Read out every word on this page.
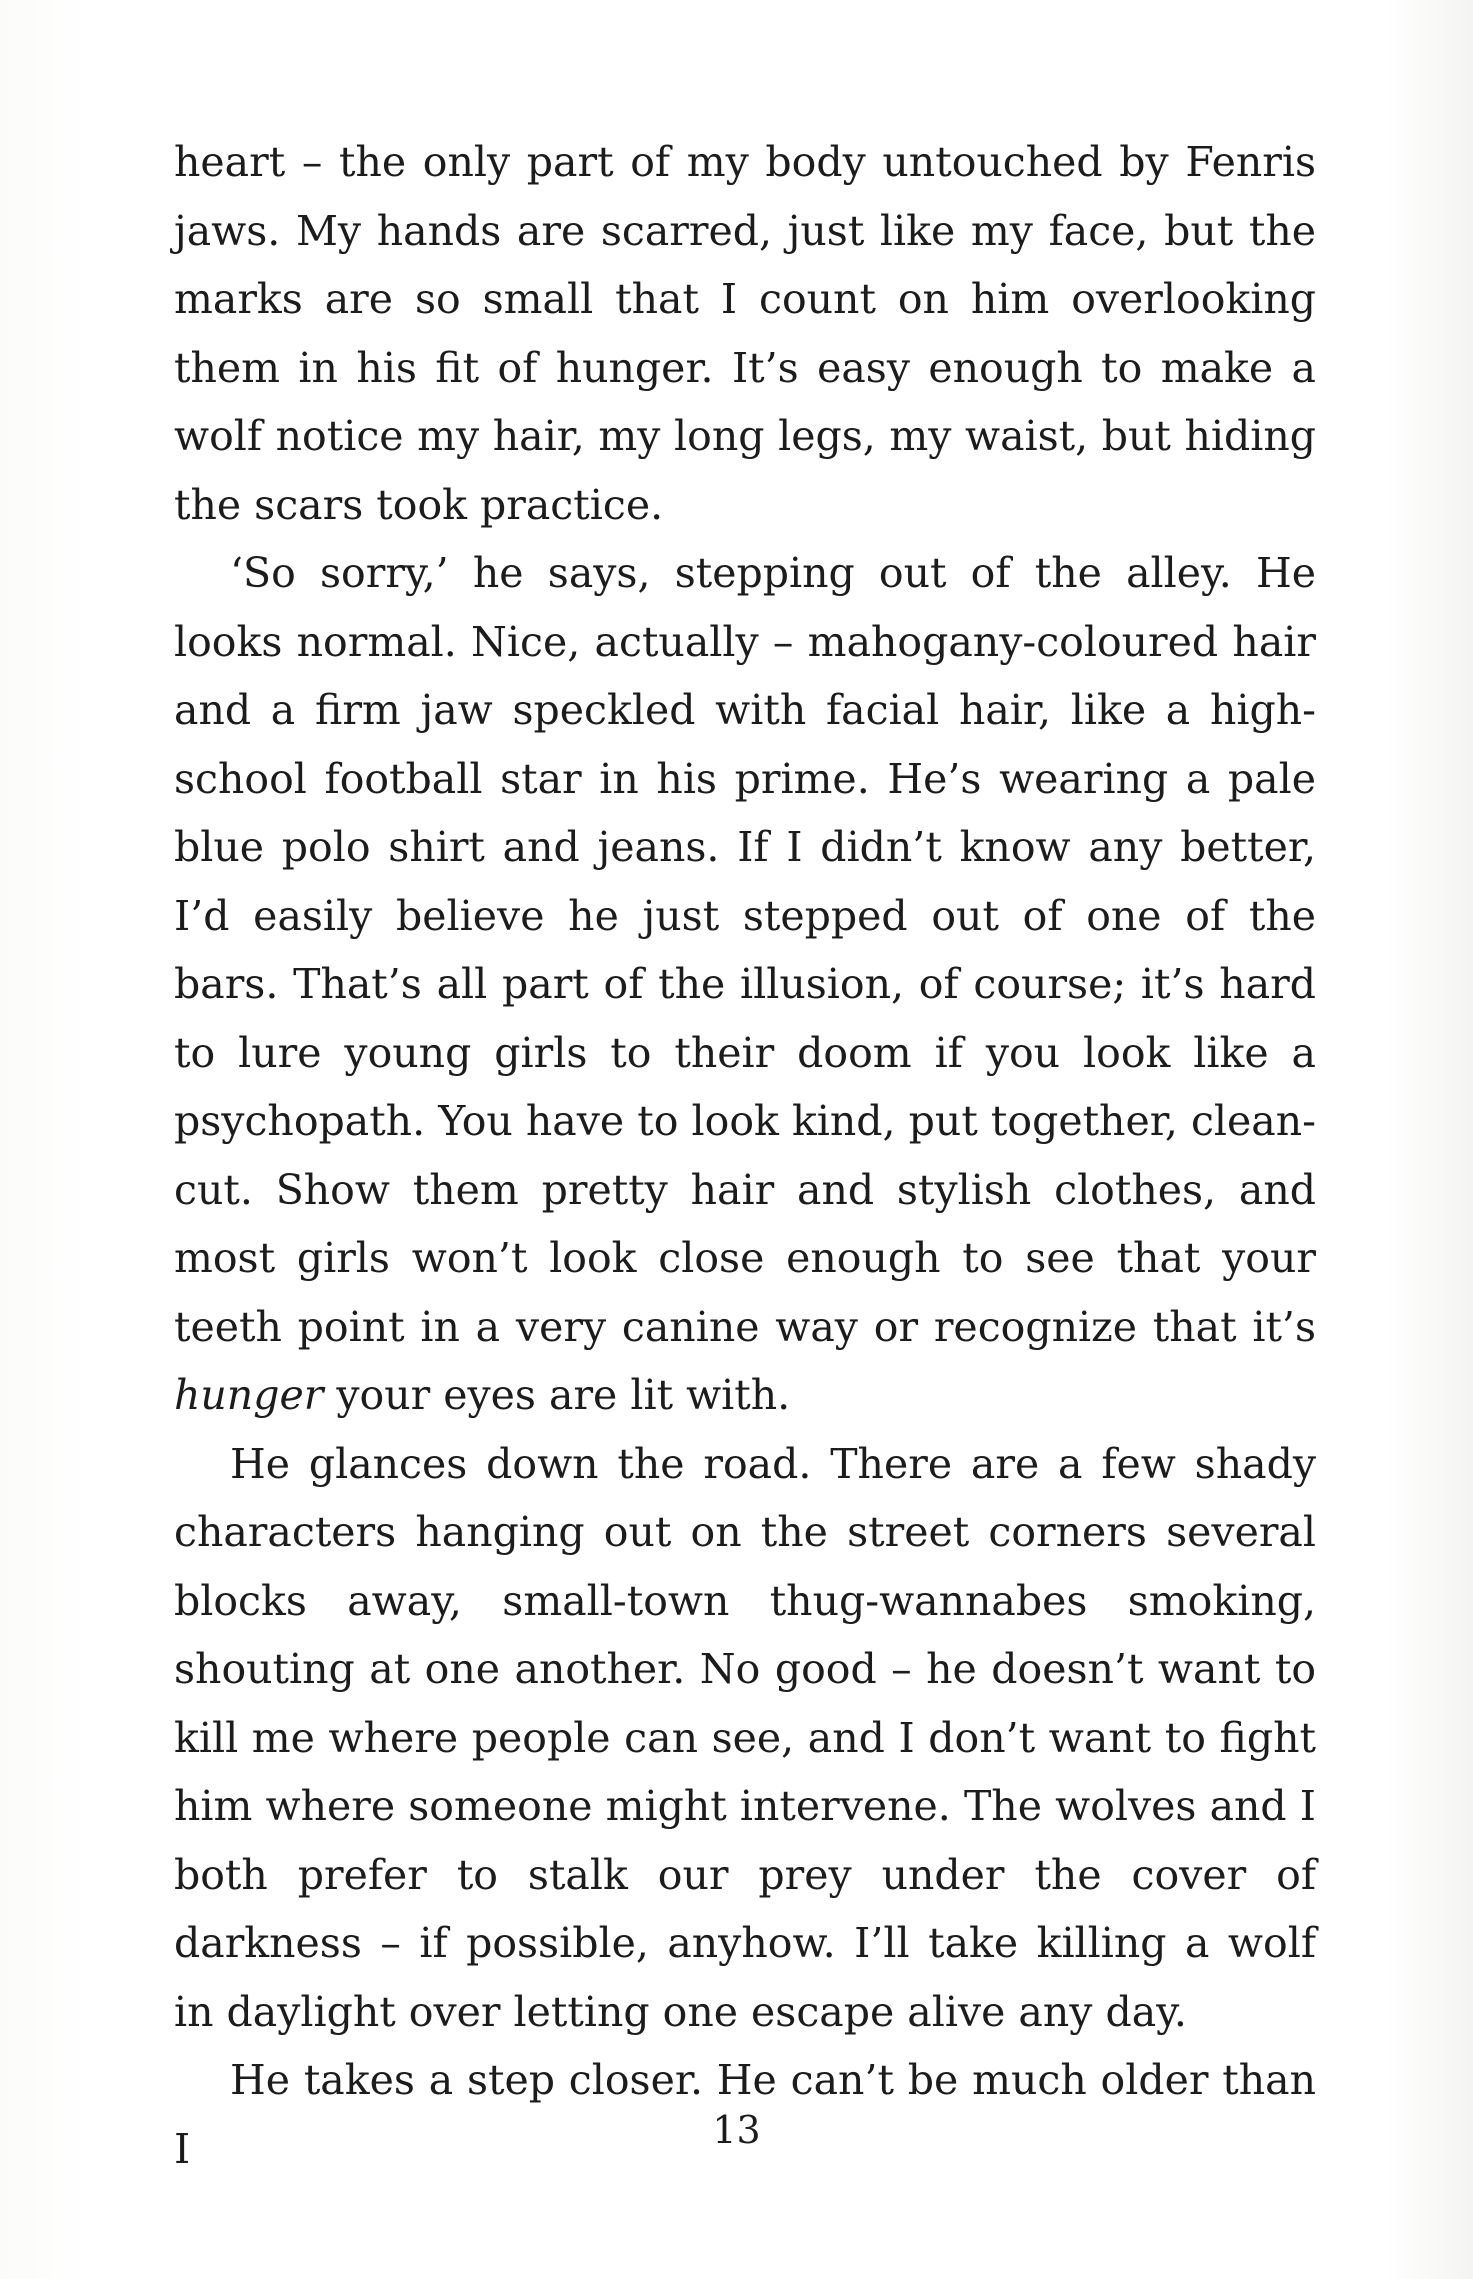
heart – the only part of my body untouched by Fenris jaws. My hands are scarred, just like my face, but the marks are so small that I count on him overlooking them in his fit of hunger. It’s easy enough to make a wolf notice my hair, my long legs, my waist, but hiding the scars took practice.

‘So sorry,’ he says, stepping out of the alley. He looks normal. Nice, actually – mahogany-coloured hair and a firm jaw speckled with facial hair, like a high-school football star in his prime. He’s wearing a pale blue polo shirt and jeans. If I didn’t know any better, I’d easily believe he just stepped out of one of the bars. That’s all part of the illusion, of course; it’s hard to lure young girls to their doom if you look like a psychopath. You have to look kind, put together, clean-cut. Show them pretty hair and stylish clothes, and most girls won’t look close enough to see that your teeth point in a very canine way or recognize that it’s hunger your eyes are lit with.

He glances down the road. There are a few shady characters hanging out on the street corners several blocks away, small-town thug-wannabes smoking, shouting at one another. No good – he doesn’t want to kill me where people can see, and I don’t want to fight him where someone might intervene. The wolves and I both prefer to stalk our prey under the cover of darkness – if possible, anyhow. I’ll take killing a wolf in daylight over letting one escape alive any day.

He takes a step closer. He can’t be much older than I	13
